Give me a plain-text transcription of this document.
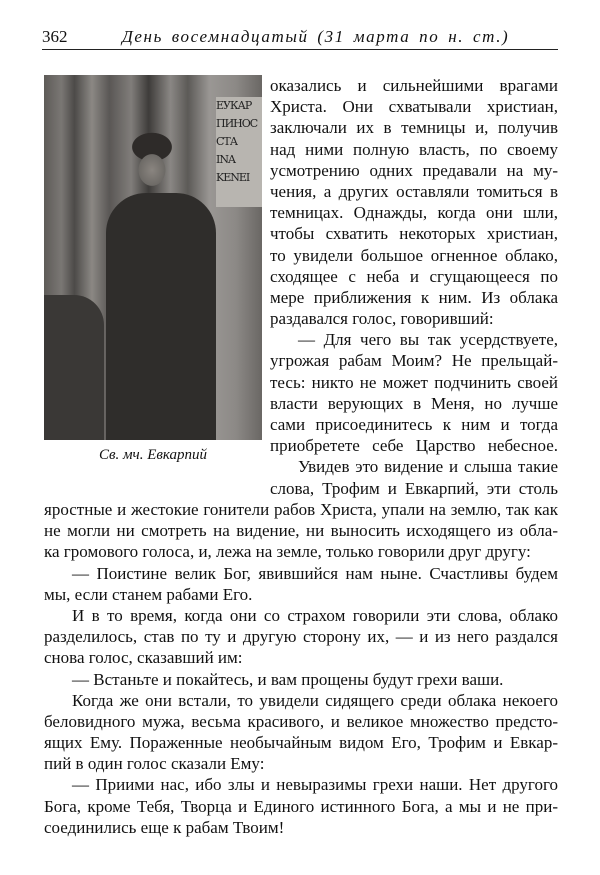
362	День восемнадцатый (31 марта по н. ст.)
ЕУКАР
ПИНОС
СТА
ΙΝΑ
ΚΕΝΕΙ
Св. мч. Евкарпий
оказались и сильнейшими врагами
Христа. Они схватывали христиан,
заключали их в темницы и, получив
над ними полную власть, по своему
усмотрению одних предавали на му-
чения, а других оставляли томиться в
темницах. Однажды, когда они шли,
чтобы схватить некоторых христиан,
то увидели большое огненное облако,
сходящее с неба и сгущающееся по
мере приближения к ним. Из облака
раздавался голос, говоривший:
— Для чего вы так усердствуете,
угрожая рабам Моим? Не прельщай-
тесь: никто не может подчинить своей
власти верующих в Меня, но лучше
сами присоединитесь к ним и тогда
приобретете себе Царство небесное.
Увидев это видение и слыша такие
слова, Трофим и Евкарпий, эти столь
яростные и жестокие гонители рабов Христа, упали на землю, так как
не могли ни смотреть на видение, ни выносить исходящего из обла-
ка громового голоса, и, лежа на земле, только говорили друг другу:
— Поистине велик Бог, явившийся нам ныне. Счастливы будем
мы, если станем рабами Его.
И в то время, когда они со страхом говорили эти слова, облако
разделилось, став по ту и другую сторону их, — и из него раздался
снова голос, сказавший им:
— Встаньте и покайтесь, и вам прощены будут грехи ваши.
Когда же они встали, то увидели сидящего среди облака некоего
беловидного мужа, весьма красивого, и великое множество предсто-
ящих Ему. Пораженные необычайным видом Его, Трофим и Евкар-
пий в один голос сказали Ему:
— Приими нас, ибо злы и невыразимы грехи наши. Нет другого
Бога, кроме Тебя, Творца и Единого истинного Бога, а мы и не при-
соединились еще к рабам Твоим!
